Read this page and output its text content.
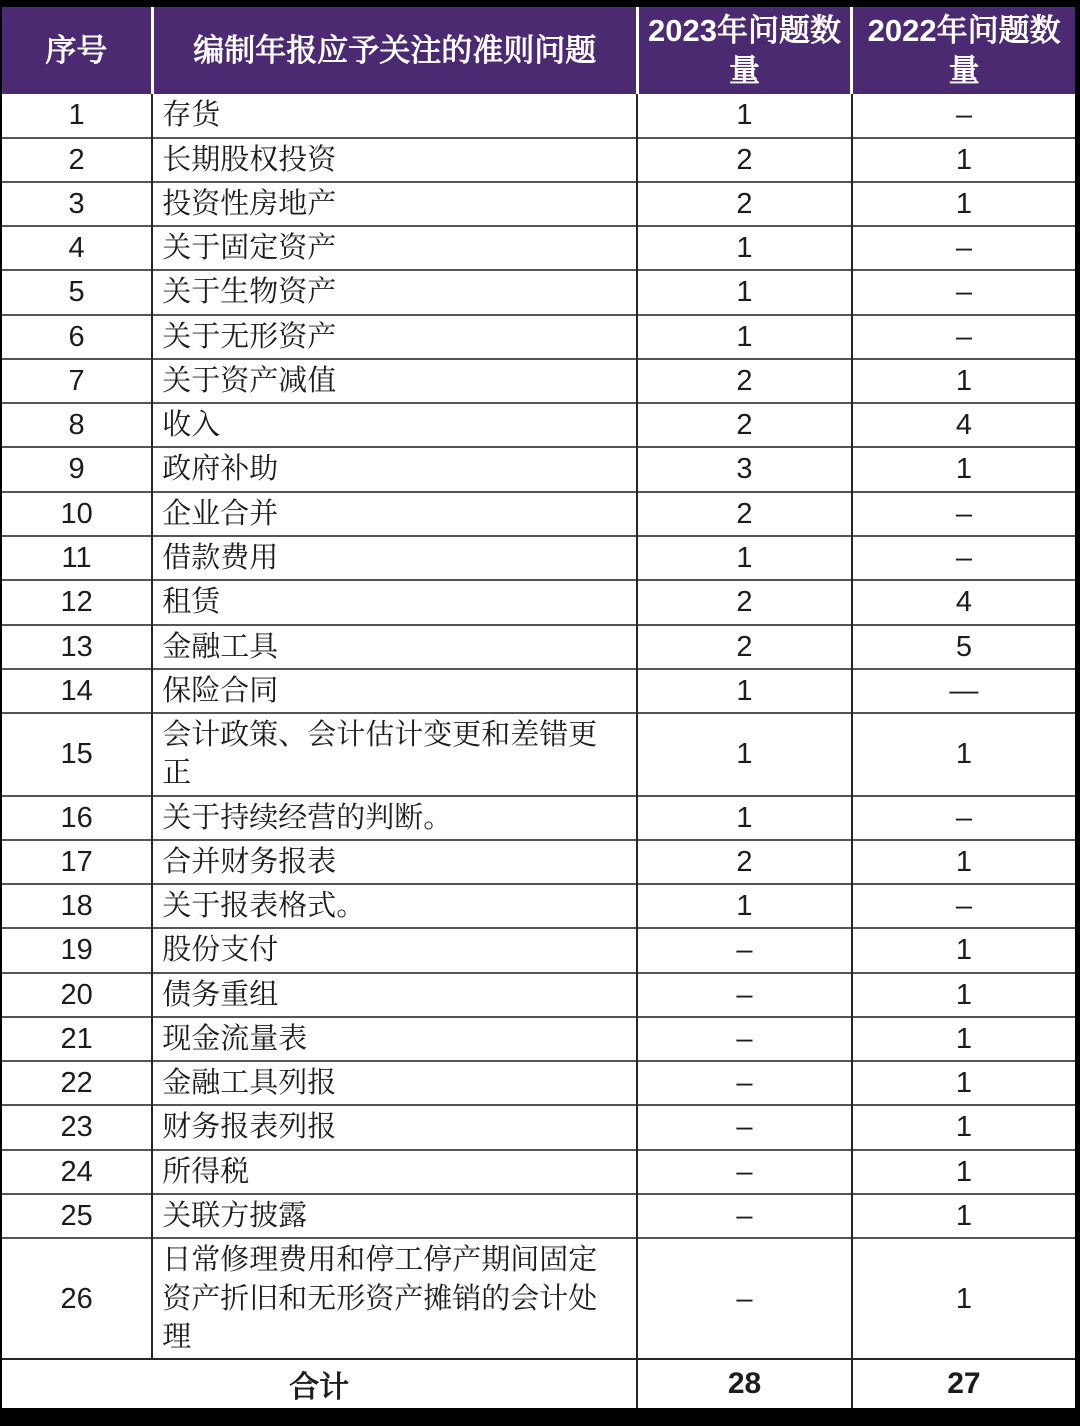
序号	编制年报应予关注的准则问题	2023年问题数量	2022年问题数量
1	存货	1	–
2	长期股权投资	2	1
3	投资性房地产	2	1
4	关于固定资产	1	–
5	关于生物资产	1	–
6	关于无形资产	1	–
7	关于资产减值	2	1
8	收入	2	4
9	政府补助	3	1
10	企业合并	2	–
11	借款费用	1	–
12	租赁	2	4
13	金融工具	2	5
14	保险合同	1	—
15	会计政策、会计估计变更和差错更正	1	1
16	关于持续经营的判断。	1	–
17	合并财务报表	2	1
18	关于报表格式。	1	–
19	股份支付	–	1
20	债务重组	–	1
21	现金流量表	–	1
22	金融工具列报	–	1
23	财务报表列报	–	1
24	所得税	–	1
25	关联方披露	–	1
26	日常修理费用和停工停产期间固定资产折旧和无形资产摊销的会计处理	–	1
合计		28	27
